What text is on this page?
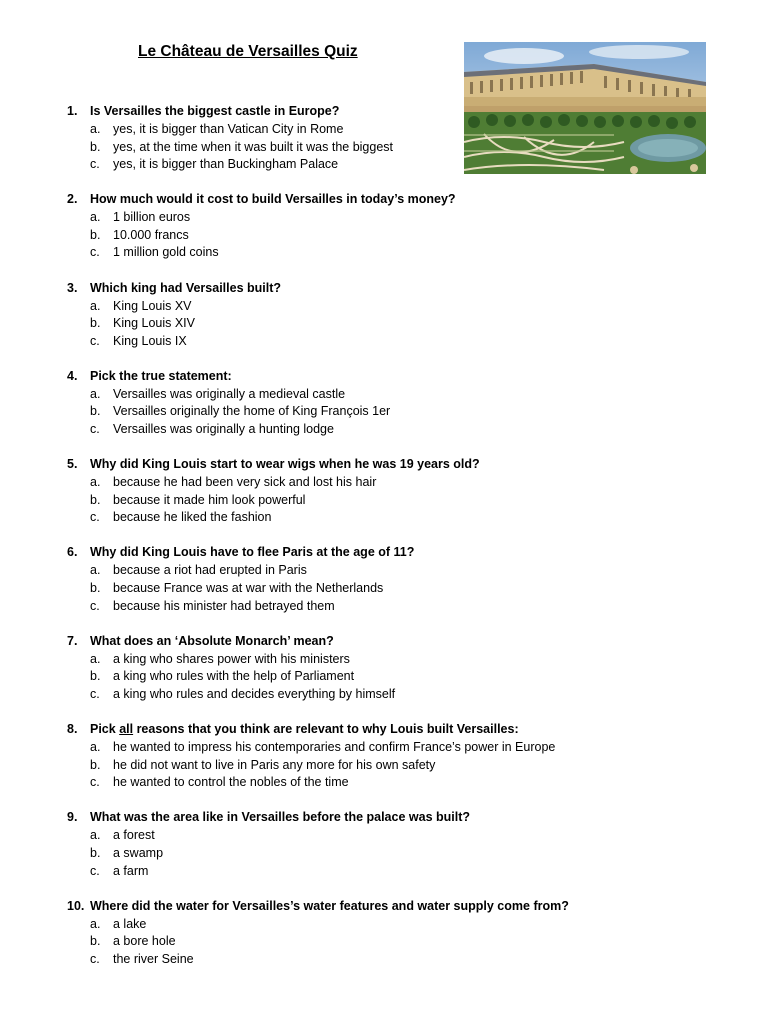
Le Château de Versailles Quiz
1. Is Versailles the biggest castle in Europe?
a. yes, it is bigger than Vatican City in Rome
b. yes, at the time when it was built it was the biggest
c. yes, it is bigger than Buckingham Palace
2. How much would it cost to build Versailles in today’s money?
a. 1 billion euros
b. 10.000 francs
c. 1 million gold coins
3. Which king had Versailles built?
a. King Louis XV
b. King Louis XIV
c. King Louis IX
4. Pick the true statement:
a. Versailles was originally a medieval castle
b. Versailles originally the home of King François 1er
c. Versailles was originally a hunting lodge
5. Why did King Louis start to wear wigs when he was 19 years old?
a. because he had been very sick and lost his hair
b. because it made him look powerful
c. because he liked the fashion
6. Why did King Louis have to flee Paris at the age of 11?
a. because a riot had erupted in Paris
b. because France was at war with the Netherlands
c. because his minister had betrayed them
7. What does an ‘Absolute Monarch’ mean?
a. a king who shares power with his ministers
b. a king who rules with the help of Parliament
c. a king who rules and decides everything by himself
8. Pick all reasons that you think are relevant to why Louis built Versailles:
a. he wanted to impress his contemporaries and confirm France’s power in Europe
b. he did not want to live in Paris any more for his own safety
c. he wanted to control the nobles of the time
9. What was the area like in Versailles before the palace was built?
a. a forest
b. a swamp
c. a farm
10. Where did the water for Versailles’s water features and water supply come from?
a. a lake
b. a bore hole
c. the river Seine
